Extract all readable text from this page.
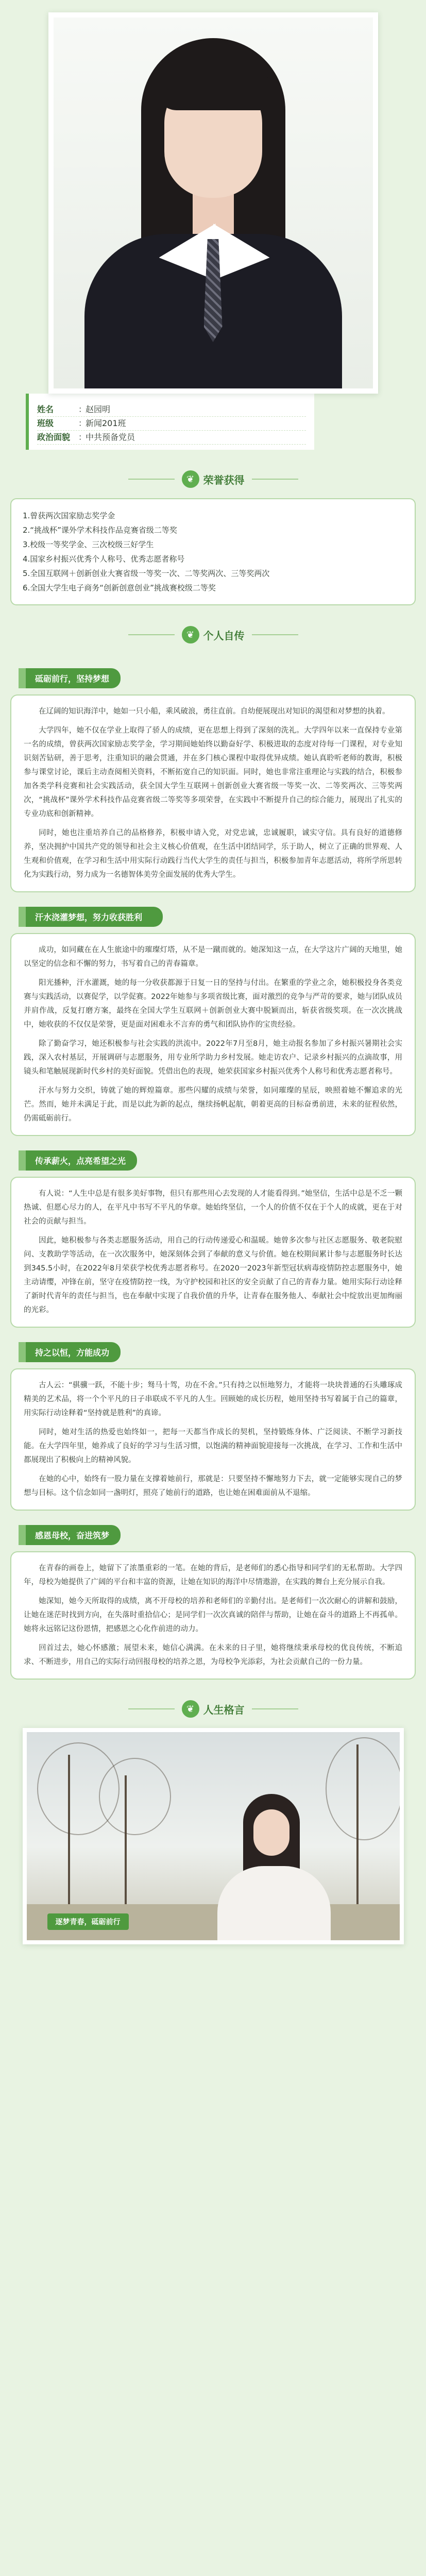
姓名	：
赵园明
班级	：
新闻201班
政治面貌 ：
中共预备党员
❦ 荣誉获得
1.曾获两次国家励志奖学金
2.“挑战杯”课外学术科技作品竞赛省级二等奖
3.校级一等奖学金、三次校级三好学生
4.国家乡村振兴优秀个人称号、优秀志愿者称号
5.全国互联网＋创新创业大赛省级一等奖一次、二等奖两次、三等奖两次
6.全国大学生电子商务“创新创意创业”挑战赛校级二等奖
❦ 个人自传
砥砺前行，坚持梦想

在辽阔的知识海洋中，她如一只小船，乘风破浪，勇往直前。自幼便展现出对知识的渴望和对梦想的执着。

大学四年，她不仅在学业上取得了骄人的成绩，更在思想上得到了深刻的洗礼。大学四年以来一直保持专业第一名的成绩，曾获两次国家励志奖学金，学习期间她始终以勤奋好学、积极进取的态度对待每一门课程，对专业知识刻苦钻研，善于思考，注重知识的融会贯通，并在多门核心课程中取得优异成绩。她认真聆听老师的教诲，积极参与课堂讨论，课后主动查阅相关资料，不断拓宽自己的知识面。同时，她也非常注重理论与实践的结合，积极参加各类学科竞赛和社会实践活动，获全国大学生互联网＋创新创业大赛省级一等奖一次、二等奖两次、三等奖两次，“挑战杯”课外学术科技作品竞赛省级二等奖等多项荣誉，在实践中不断提升自己的综合能力，展现出了扎实的专业功底和创新精神。

同时，她也注重培养自己的品格修养，积极申请入党，对党忠诚，忠诚履职，诚实守信。具有良好的道德修养，坚决拥护中国共产党的领导和社会主义核心价值观，在生活中团结同学，乐于助人，树立了正确的世界观、人生观和价值观，在学习和生活中用实际行动践行当代大学生的责任与担当，积极参加青年志愿活动，将所学所思转化为实践行动，努力成为一名德智体美劳全面发展的优秀大学生。

汗水浇灌梦想，努力收获胜利

成功，如同藏在在人生旅途中的璀璨灯塔，从不是一蹴而就的。她深知这一点，在大学这片广阔的天地里，她以坚定的信念和不懈的努力，书写着自己的青春篇章。

阳光播种，汗水灌溉，她的每一分收获都源于日复一日的坚持与付出。在繁重的学业之余，她积极投身各类竞赛与实践活动，以赛促学，以学促赛。2022年她参与多项省级比赛，面对激烈的竞争与严苛的要求，她与团队成员并肩作战，反复打磨方案，最终在全国大学生互联网＋创新创业大赛中脱颖而出，斩获省级奖项。在一次次挑战中，她收获的不仅仅是荣誉，更是面对困难永不言弃的勇气和团队协作的宝贵经验。

除了勤奋学习，她还积极参与社会实践的洪流中。2022年7月至8月，她主动报名参加了乡村振兴暑期社会实践，深入农村基层，开展调研与志愿服务，用专业所学助力乡村发展。她走访农户、记录乡村振兴的点滴故事，用镜头和笔触展现新时代乡村的美好面貌。凭借出色的表现，她荣获国家乡村振兴优秀个人称号和优秀志愿者称号。

汗水与努力交织，铸就了她的辉煌篇章。那些闪耀的成绩与荣誉，如同璀璨的星辰，映照着她不懈追求的光芒。然而，她并未满足于此，而是以此为新的起点，继续扬帆起航，朝着更高的目标奋勇前进，未来的征程依然，仍需砥砺前行。

传承薪火，点亮希望之光

有人说：“人生中总是有很多美好事物，但只有那些用心去发现的人才能看得到。”她坚信，生活中总是不乏一颗热诚、但愿心尽力的人，在平凡中书写不平凡的华章。她始终坚信，一个人的价值不仅在于个人的成就，更在于对社会的贡献与担当。

因此，她积极参与各类志愿服务活动，用自己的行动传递爱心和温暖。她曾多次参与社区志愿服务、敬老院慰问、支教助学等活动，在一次次服务中，她深刻体会到了奉献的意义与价值。她在校期间累计参与志愿服务时长达到345.5小时，在2022年8月荣获学校优秀志愿者称号。在2020一2023年新型冠状病毒疫情防控志愿服务中，她主动请缨，冲锋在前，坚守在疫情防控一线，为守护校园和社区的安全贡献了自己的青春力量。她用实际行动诠释了新时代青年的责任与担当，也在奉献中实现了自我价值的升华，让青春在服务他人、奉献社会中绽放出更加绚丽的光彩。

持之以恒，方能成功

古人云：“骐骥一跃，不能十步；驽马十驾，功在不舍。”只有持之以恒地努力，才能将一块块普通的石头雕琢成精美的艺术品，将一个个平凡的日子串联成不平凡的人生。回顾她的成长历程，她用坚持书写着属于自己的篇章，用实际行动诠释着“坚持就是胜利”的真谛。

同时，她对生活的热爱也始终如一，把每一天都当作成长的契机，坚持锻炼身体、广泛阅读、不断学习新技能。在大学四年里，她养成了良好的学习与生活习惯，以饱满的精神面貌迎接每一次挑战，在学习、工作和生活中都展现出了积极向上的精神风貌。

在她的心中，始终有一股力量在支撑着她前行，那就是：只要坚持不懈地努力下去，就一定能够实现自己的梦想与目标。这个信念如同一盏明灯，照亮了她前行的道路，也让她在困难面前从不退缩。

感恩母校，奋进筑梦

在青春的画卷上，她留下了浓墨重彩的一笔。在她的背后，是老师们的悉心指导和同学们的无私帮助。大学四年，母校为她提供了广阔的平台和丰富的资源，让她在知识的海洋中尽情遨游，在实践的舞台上充分展示自我。

她深知，她今天所取得的成绩，离不开母校的培养和老师们的辛勤付出。是老师们一次次耐心的讲解和鼓励，让她在迷茫时找到方向，在失落时重拾信心；是同学们一次次真诚的陪伴与帮助，让她在奋斗的道路上不再孤单。她将永远铭记这份恩情，把感恩之心化作前进的动力。

回首过去，她心怀感激；展望未来，她信心满满。在未来的日子里，她将继续秉承母校的优良传统，不断追求、不断进步，用自己的实际行动回报母校的培养之恩，为母校争光添彩，为社会贡献自己的一份力量。

❦ 人生格言
逐梦青春，砥砺前行
